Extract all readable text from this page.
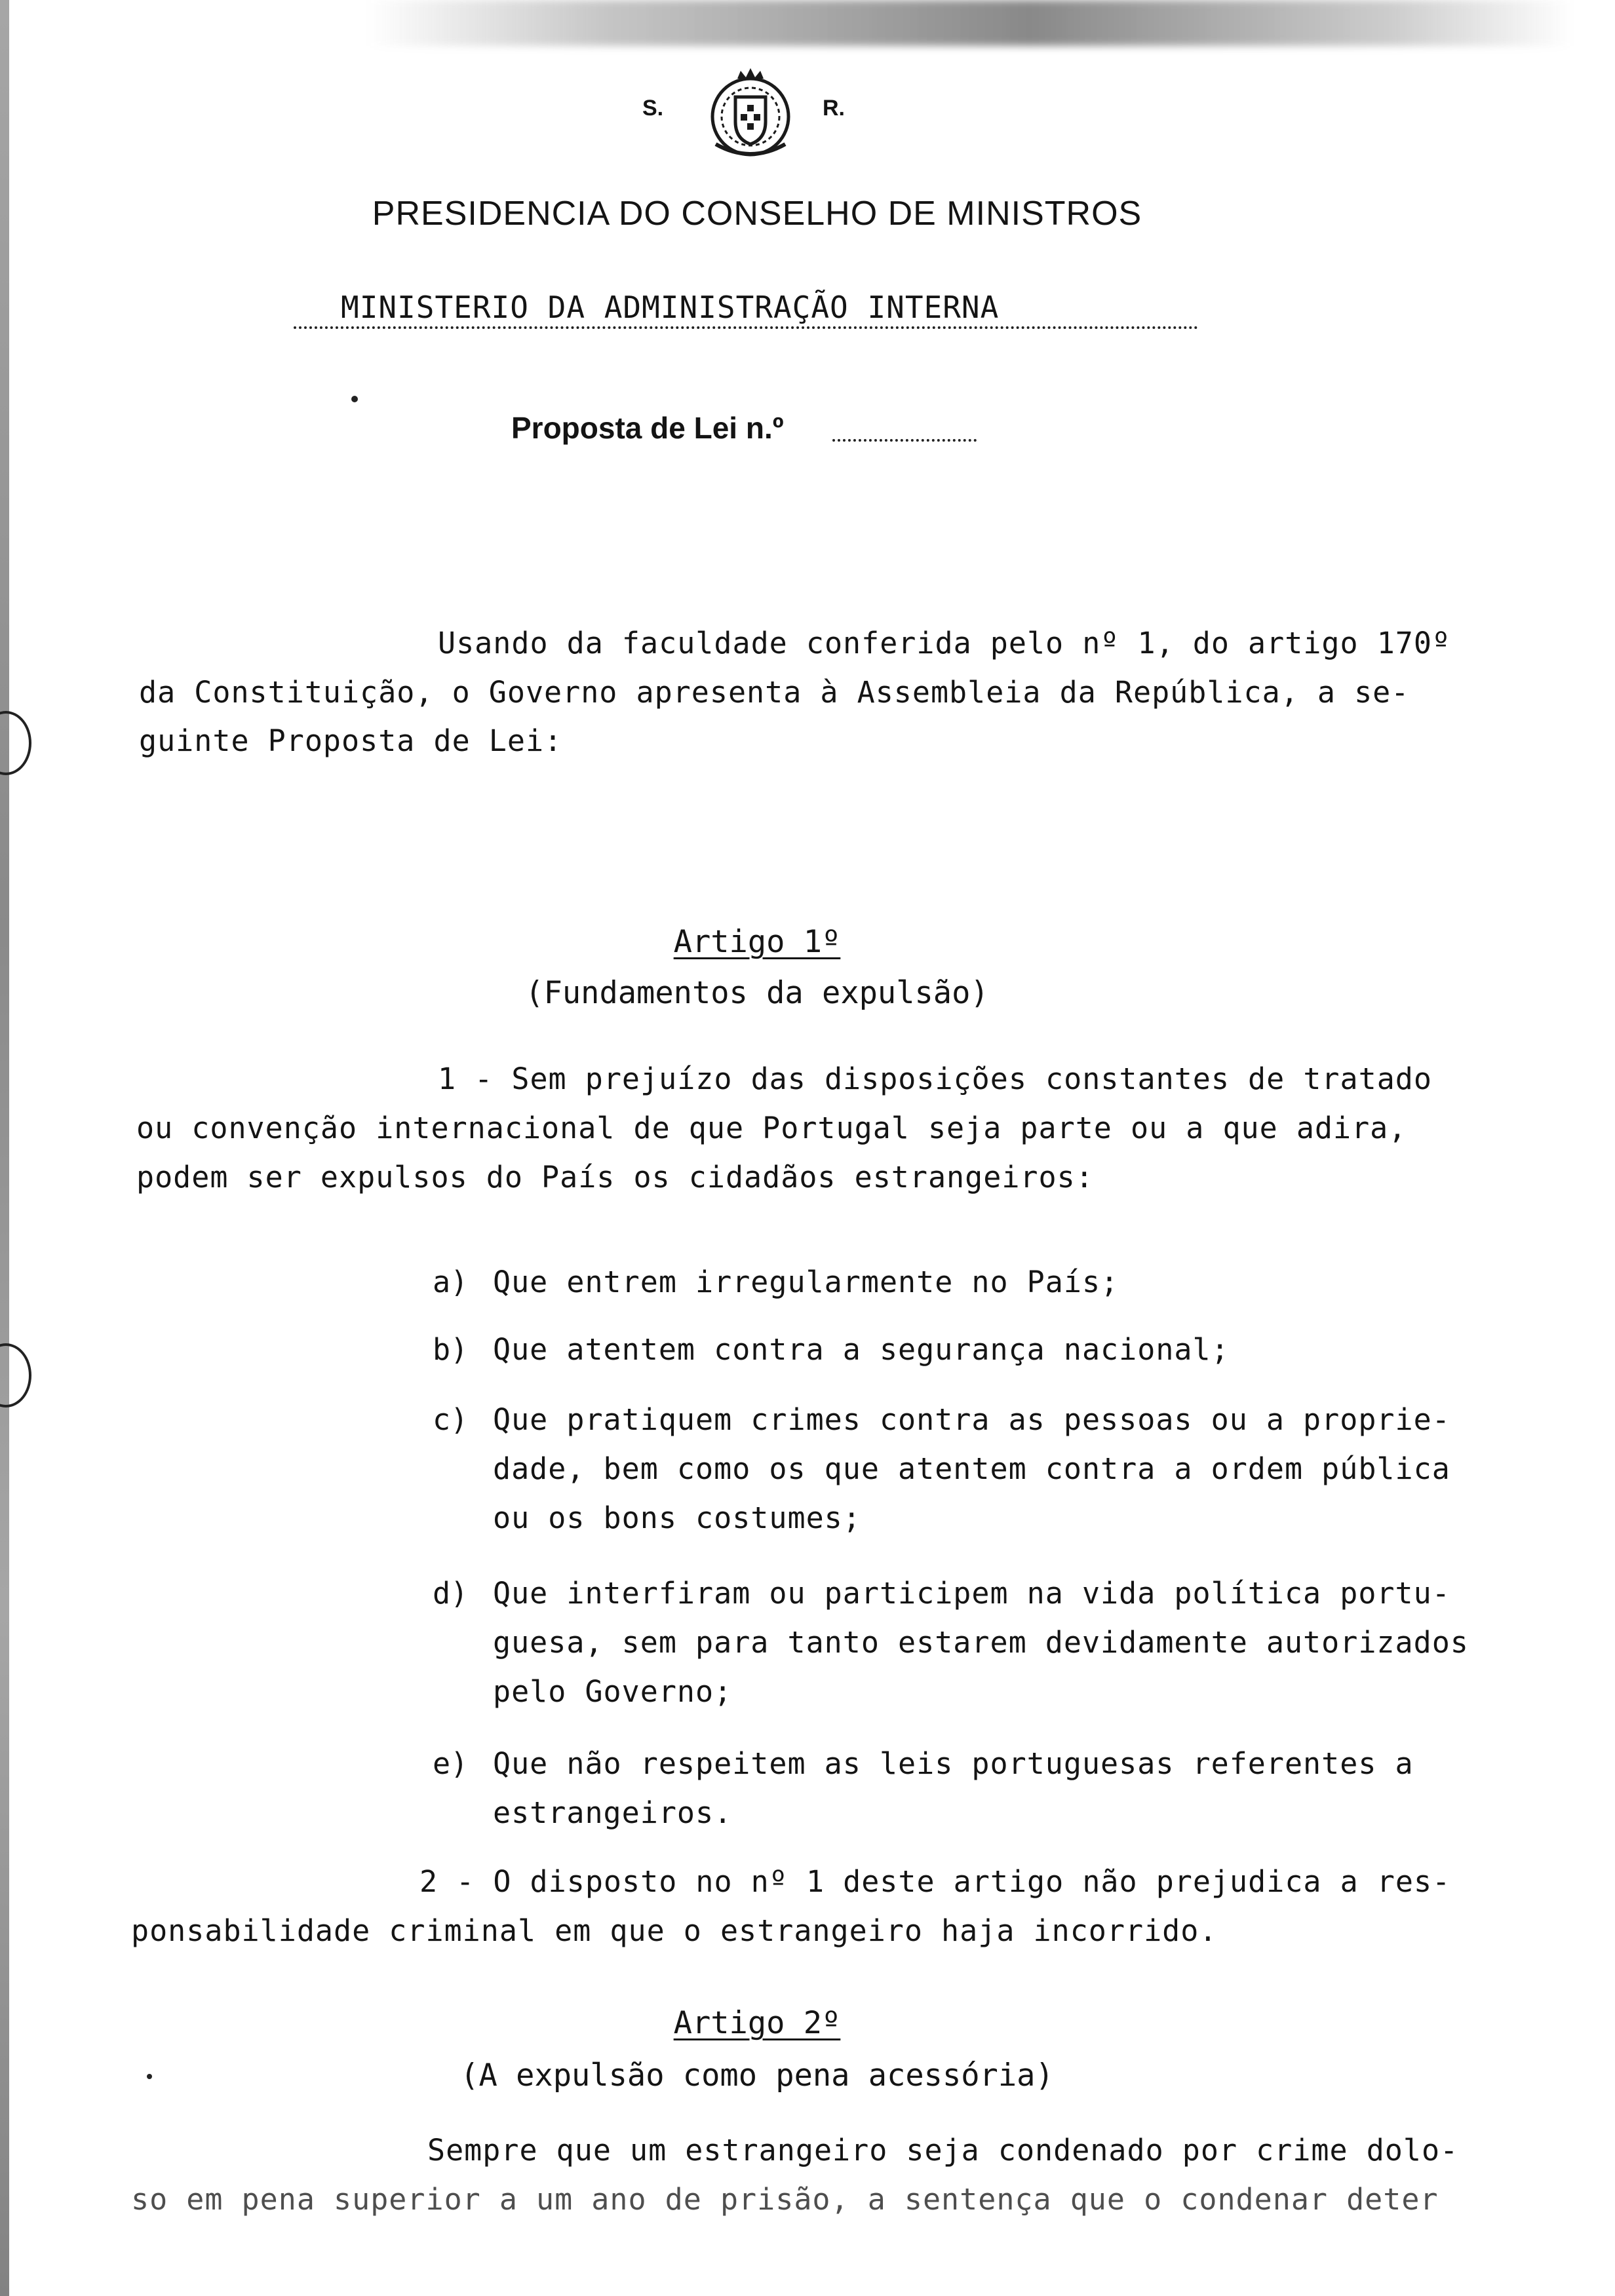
S.	R.
PRESIDENCIA DO CONSELHO DE MINISTROS
MINISTERIO DA ADMINISTRAÇÃO INTERNA
Proposta de Lei n.º
Usando da faculdade conferida pelo nº 1, do artigo 170º
da Constituição, o Governo apresenta à Assembleia da República, a se-
guinte Proposta de Lei:
Artigo 1º
(Fundamentos da expulsão)
1 - Sem prejuízo das disposições constantes de tratado
ou convenção internacional de que Portugal seja parte ou a que adira,
podem ser expulsos do País os cidadãos estrangeiros:
a) Que entrem irregularmente no País;
b) Que atentem contra a segurança nacional;
c) Que pratiquem crimes contra as pessoas ou a proprie-
dade, bem como os que atentem contra a ordem pública
ou os bons costumes;
d) Que interfiram ou participem na vida política portu-
guesa, sem para tanto estarem devidamente autorizados
pelo Governo;
e) Que não respeitem as leis portuguesas referentes a
estrangeiros.
2 - O disposto no nº 1 deste artigo não prejudica a res-
ponsabilidade criminal em que o estrangeiro haja incorrido.
Artigo 2º
(A expulsão como pena acessória)
Sempre que um estrangeiro seja condenado por crime dolo-
so em pena superior a um ano de prisão, a sentença que o condenar deter
